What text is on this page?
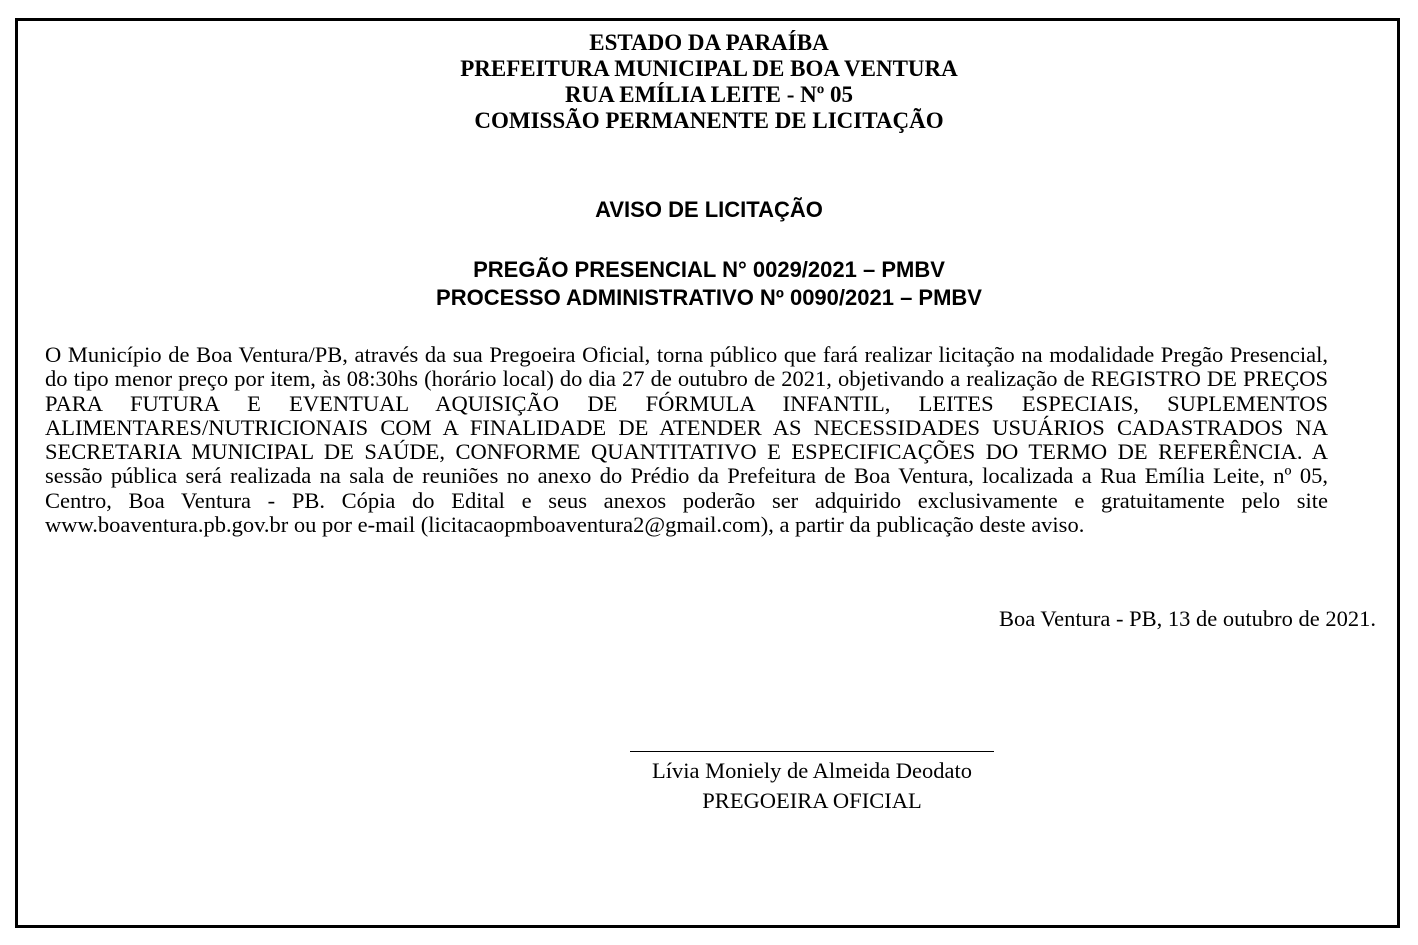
ESTADO DA PARAÍBA
PREFEITURA MUNICIPAL DE BOA VENTURA
RUA EMÍLIA LEITE - Nº 05
COMISSÃO PERMANENTE DE LICITAÇÃO
AVISO DE LICITAÇÃO
PREGÃO PRESENCIAL N° 0029/2021 – PMBV
PROCESSO ADMINISTRATIVO Nº 0090/2021 – PMBV
O Município de Boa Ventura/PB, através da sua Pregoeira Oficial, torna público que fará realizar licitação na modalidade Pregão Presencial, do tipo menor preço por item, às 08:30hs (horário local) do dia 27 de outubro de 2021, objetivando a realização de REGISTRO DE PREÇOS PARA FUTURA E EVENTUAL AQUISIÇÃO DE FÓRMULA INFANTIL, LEITES ESPECIAIS, SUPLEMENTOS ALIMENTARES/NUTRICIONAIS COM A FINALIDADE DE ATENDER AS NECESSIDADES USUÁRIOS CADASTRADOS NA SECRETARIA MUNICIPAL DE SAÚDE, CONFORME QUANTITATIVO E ESPECIFICAÇÕES DO TERMO DE REFERÊNCIA. A sessão pública será realizada na sala de reuniões no anexo do Prédio da Prefeitura de Boa Ventura, localizada a Rua Emília Leite, nº 05, Centro, Boa Ventura - PB. Cópia do Edital e seus anexos poderão ser adquirido exclusivamente e gratuitamente pelo site www.boaventura.pb.gov.br ou por e-mail (licitacaopmboaventura2@gmail.com), a partir da publicação deste aviso.
Boa Ventura - PB, 13 de outubro de 2021.
Lívia Moniely de Almeida Deodato
PREGOEIRA OFICIAL
